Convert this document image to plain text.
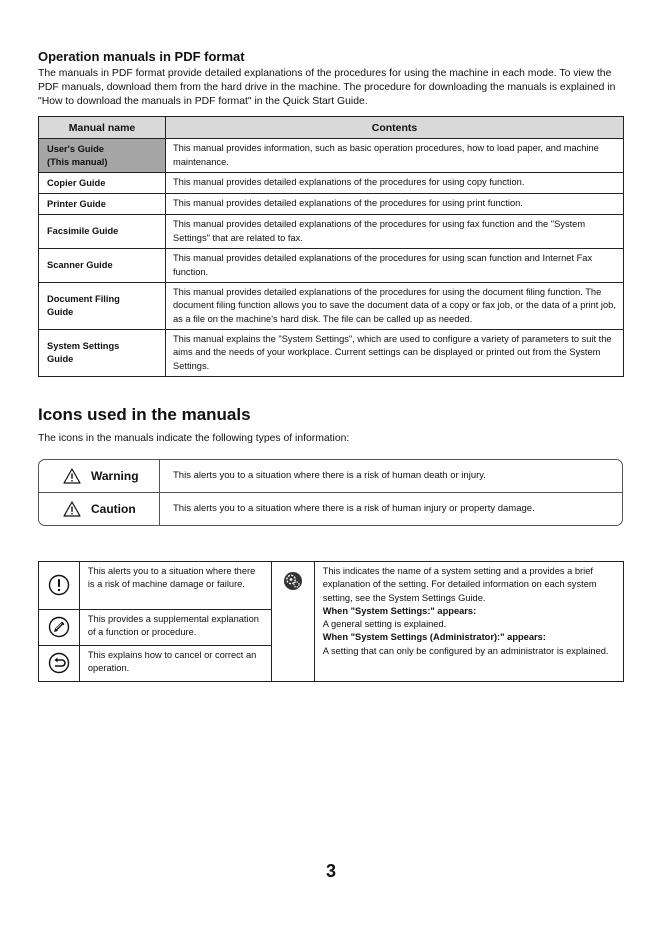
Operation manuals in PDF format
The manuals in PDF format provide detailed explanations of the procedures for using the machine in each mode. To view the PDF manuals, download them from the hard drive in the machine. The procedure for downloading the manuals is explained in "How to download the manuals in PDF format" in the Quick Start Guide.
Manual name	Contents

User's Guide
(This manual)	This manual provides information, such as basic operation procedures, how to load paper, and machine maintenance.

Copier Guide	This manual provides detailed explanations of the procedures for using copy function.

Printer Guide	This manual provides detailed explanations of the procedures for using print function.

Facsimile Guide	This manual provides detailed explanations of the procedures for using fax function and the "System Settings" that are related to fax.

Scanner Guide	This manual provides detailed explanations of the procedures for using scan function and Internet Fax function.

Document Filing
Guide	This manual provides detailed explanations of the procedures for using the document filing function. The document filing function allows you to save the document data of a copy or fax job, or the data of a print job, as a file on the machine's hard disk. The file can be called up as needed.

System Settings
Guide	This manual explains the "System Settings", which are used to configure a variety of parameters to suit the aims and the needs of your workplace. Current settings can be displayed or printed out from the System Settings.
Icons used in the manuals
The icons in the manuals indicate the following types of information:
Warning	This alerts you to a situation where there is a risk of human death or injury.
Caution	This alerts you to a situation where there is a risk of human injury or property damage.
	This alerts you to a situation where there is a risk of machine damage or failure.		This indicates the name of a system setting and a provides a brief explanation of the setting. For detailed information on each system setting, see the System Settings Guide.
When "System Settings:" appears:
A general setting is explained.
When "System Settings (Administrator):" appears:
A setting that can only be configured by an administrator is explained.

	This provides a supplemental explanation of a function or procedure.		
	This explains how to cancel or correct an operation.		
3
